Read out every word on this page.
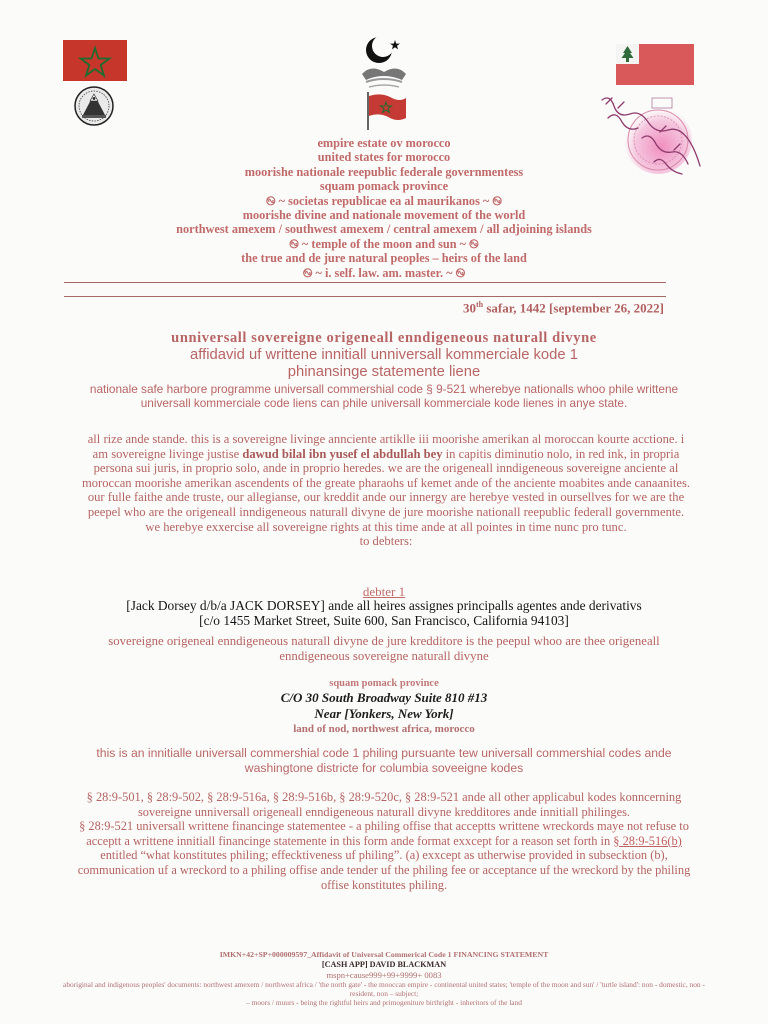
empire estate ov morocco
united states for morocco
moorishe nationale reepublic federale governmentess
squam pomack province
࿊ ~ societas republicae ea al maurikanos ~ ࿊
moorishe divine and nationale movement of the world
northwest amexem / southwest amexem / central amexem / all adjoining islands
࿊ ~ temple of the moon and sun ~ ࿊
the true and de jure natural peoples – heirs of the land
࿊ ~ i. self. law. am. master. ~ ࿊
30th safar, 1442 [september 26, 2022]
unniversall sovereigne origeneall enndigeneous naturall divyne
affidavid uf writtene innitiall unniversall kommerciale kode 1
phinansinge statemente liene
nationale safe harbore programme universall commershial code § 9-521 wherebye nationalls whoo phile writtene universall kommerciale code liens can phile universall kommerciale kode lienes in anye state.
all rize ande stande. this is a sovereigne livinge annciente artiklle iii moorishe amerikan al moroccan kourte acctione. i am sovereigne livinge justise dawud bilal ibn yusef el abdullah bey in capitis diminutio nolo, in red ink, in propria persona sui juris, in proprio solo, ande in proprio heredes. we are the origeneall inndigeneous sovereigne anciente al moroccan moorishe amerikan ascendents of the greate pharaohs uf kemet ande of the anciente moabites ande canaanites. our fulle faithe ande truste, our allegianse, our kreddit ande our innergy are herebye vested in oursellves for we are the peepel who are the origeneall inndigeneous naturall divyne de jure moorishe nationall reepublic federall governmente. we herebye exxercise all sovereigne rights at this time ande at all pointes in time nunc pro tunc.
to debters:
debter 1
[Jack Dorsey d/b/a JACK DORSEY] ande all heires assignes principalls agentes ande derivativs
[c/o 1455 Market Street, Suite 600, San Francisco, California 94103]
sovereigne origeneal enndigeneous naturall divyne de jure kredditore is the peepul whoo are thee origeneall enndigeneous sovereigne naturall divyne
squam pomack province
C/O 30 South Broadway Suite 810 #13
Near [Yonkers, New York]
land of nod, northwest africa, morocco
this is an innitialle universall commershial code 1 philing pursuante tew universall commershial codes ande washingtone districte for columbia soveeigne kodes
§ 28:9-501, § 28:9-502, § 28:9-516a, § 28:9-516b, § 28:9-520c, § 28:9-521 ande all other applicabul kodes konncerning sovereigne unniversall origeneall enndigeneous naturall divyne kredditores ande innitiall philinges.
§ 28:9-521 universall writtene financinge statementee - a philing offise that acceptts writtene wreckords maye not refuse to acceptt a writtene innitiall financinge statemente in this form ande format exxcept for a reason set forth in § 28:9-516(b) entitled “what konstitutes philing; effecktiveness uf philing”. (a) exxcept as utherwise provided in subsecktion (b), communication uf a wreckord to a philing offise ande tender uf the philing fee or acceptance uf the wreckord by the philing offise konstitutes philing.
IMKN+42+SP+000009597_Affidavit of Universal Commerical Code 1 FINANCING STATEMENT
[CASH APP] DAVID BLACKMAN
mspn+cause999+99+9999+ 0083
aboriginal and indigenous peoples' documents: northwest amexem / northwest africa / 'the north gate' - the mooccan empire - continental united states; 'temple of the moon and sun' / 'turtle island': non - domestic, non - resident, non – subject;
– moors / muurs - being the rightful heirs and primogeniture birthright - inheritors of the land
